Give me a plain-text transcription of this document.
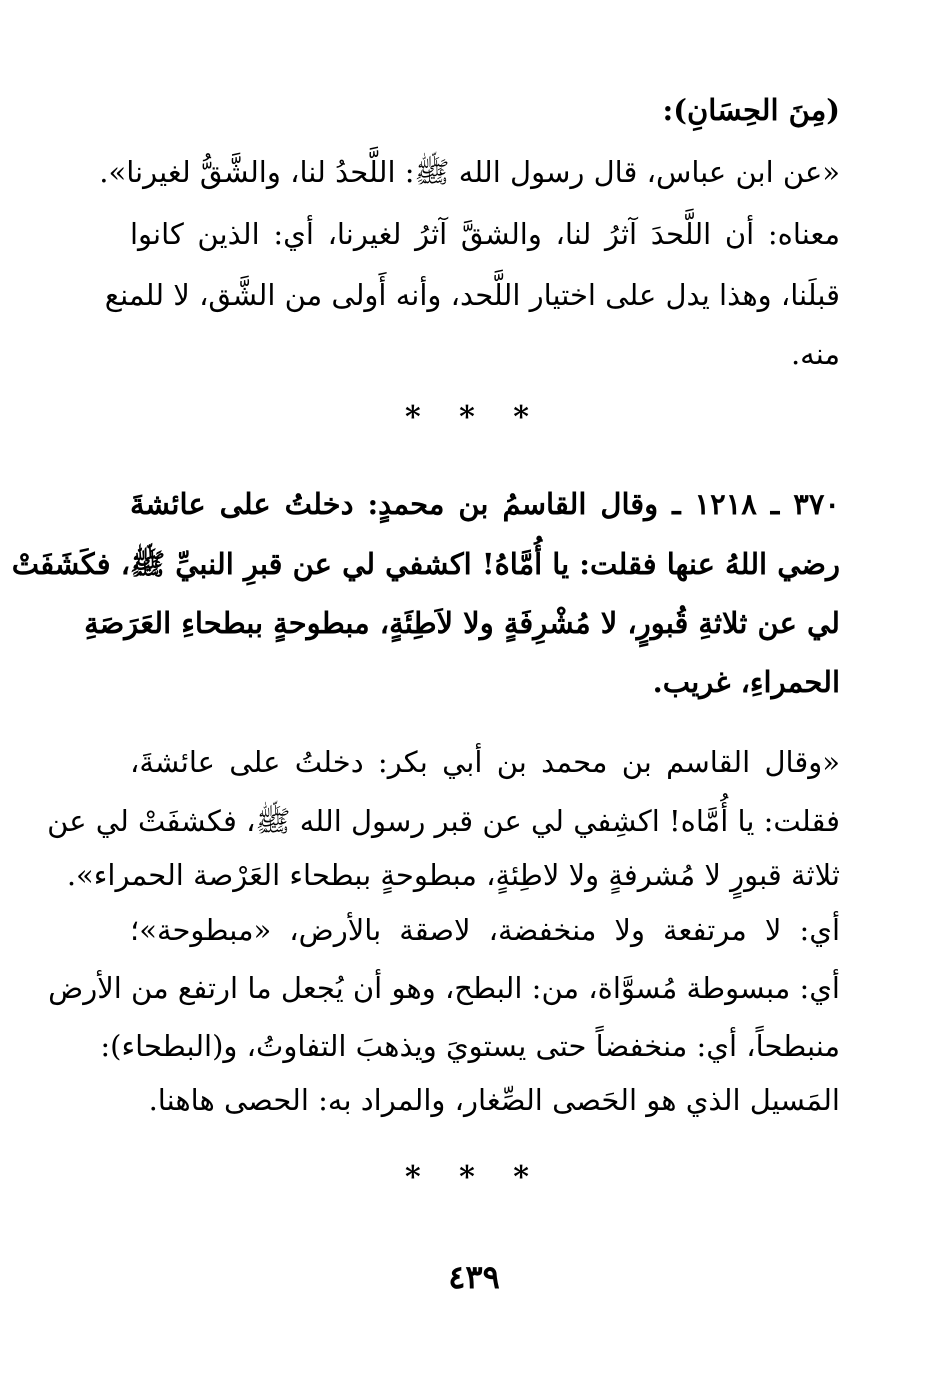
(مِنَ الحِسَانِ):
«عن ابن عباس، قال رسول الله ﷺ: اللَّحدُ لنا، والشَّقُّ لغيرنا».
معناه: أن اللَّحدَ آثرُ لنا، والشقَّ آثرُ لغيرنا، أي: الذين كانوا
قبلَنا، وهذا يدل على اختيار اللَّحد، وأنه أَولى من الشَّق، لا للمنع
منه.
* * *
٣٧٠ ـ ١٢١٨ ـ وقال القاسمُ بن محمدٍ: دخلتُ على عائشةَ
رضي اللهُ عنها فقلت: يا أُمَّاهُ! اكشفي لي عن قبرِ النبيِّ ﷺ، فكَشَفَتْ
لي عن ثلاثةِ قُبورٍ، لا مُشْرِفَةٍ ولا لاَطِئَةٍ، مبطوحةٍ ببطحاءِ العَرَصَةِ
الحمراءِ، غريب.
«وقال القاسم بن محمد بن أبي بكر: دخلتُ على عائشةَ،
فقلت: يا أُمَّاه! اكشِفي لي عن قبر رسول الله ﷺ، فكشفَتْ لي عن
ثلاثة قبورٍ لا مُشرفةٍ ولا لاطِئةٍ، مبطوحةٍ ببطحاء العَرْصة الحمراء».
أي: لا مرتفعة ولا منخفضة، لاصقة بالأرض، «مبطوحة»؛
أي: مبسوطة مُسوَّاة، من: البطح، وهو أن يُجعل ما ارتفع من الأرض
منبطحاً، أي: منخفضاً حتى يستويَ ويذهبَ التفاوتُ، و(البطحاء):
المَسيل الذي هو الحَصى الصِّغار، والمراد به: الحصى هاهنا.
* * *
٤٣٩
